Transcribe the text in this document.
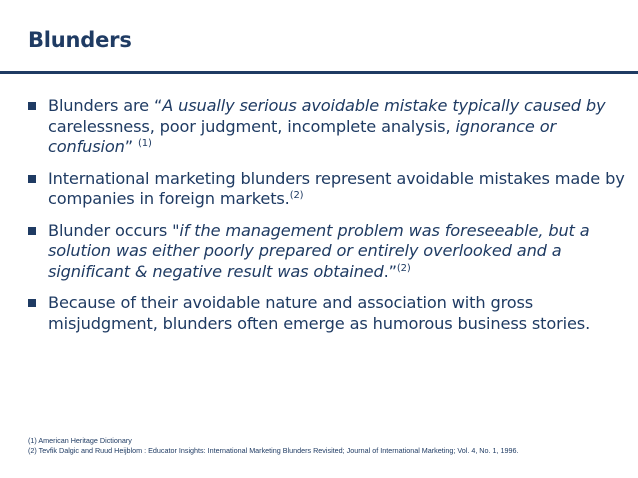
Blunders
Blunders are “A usually serious avoidable mistake typically caused by carelessness, poor judgment, incomplete analysis, ignorance or confusion” $^{(1)}$
International marketing blunders represent avoidable mistakes made by companies in foreign markets.$^{(2)}$
Blunder occurs "if the management problem was foreseeable, but a solution was either poorly prepared or entirely overlooked and a significant & negative result was obtained.”$^{(2)}$
Because of their avoidable nature and association with gross misjudgment, blunders often emerge as humorous business stories.
(1) American Heritage Dictionary
(2) Tevfik Dalgic and Ruud Heijblom : Educator Insights: International Marketing Blunders Revisited; Journal of International Marketing; Vol. 4, No. 1, 1996.
